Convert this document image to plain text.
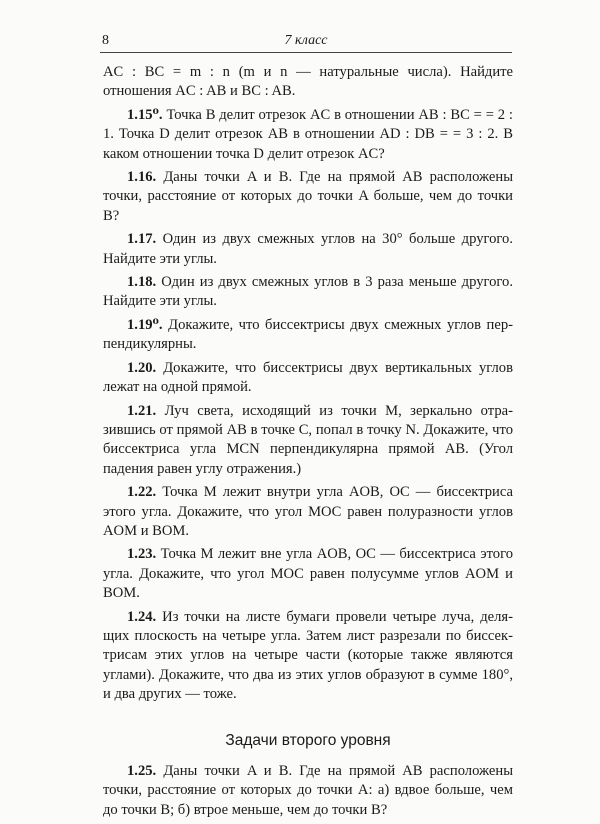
8	7 класс

AC : BC = m : n (m и n — натуральные числа). Найдите отношения AC : AB и BC : AB.

1.15⁰. Точка B делит отрезок AC в отношении AB : BC = = 2 : 1. Точка D делит отрезок AB в отношении AD : DB = = 3 : 2. В каком отношении точка D делит отрезок AC?

1.16. Даны точки A и B. Где на прямой AB расположены точки, расстояние от которых до точки A больше, чем до точки B?

1.17. Один из двух смежных углов на 30° больше другого. Найдите эти углы.

1.18. Один из двух смежных углов в 3 раза меньше другого. Найдите эти углы.

1.19⁰. Докажите, что биссектрисы двух смежных углов перпендикулярны.

1.20. Докажите, что биссектрисы двух вертикальных углов лежат на одной прямой.

1.21. Луч света, исходящий из точки M, зеркально отразившись от прямой AB в точке C, попал в точку N. Докажите, что биссектриса угла MCN перпендикулярна прямой AB. (Угол падения равен углу отражения.)

1.22. Точка M лежит внутри угла AOB, OC — биссектриса этого угла. Докажите, что угол MOC равен полуразности углов AOM и BOM.

1.23. Точка M лежит вне угла AOB, OC — биссектриса этого угла. Докажите, что угол MOC равен полусумме углов AOM и BOM.

1.24. Из точки на листе бумаги провели четыре луча, делящих плоскость на четыре угла. Затем лист разрезали по биссектрисам этих углов на четыре части (которые также являются углами). Докажите, что два из этих углов образуют в сумме 180°, и два других — тоже.

Задачи второго уровня

1.25. Даны точки A и B. Где на прямой AB расположены точки, расстояние от которых до точки A: а) вдвое больше, чем до точки B; б) втрое меньше, чем до точки B?
